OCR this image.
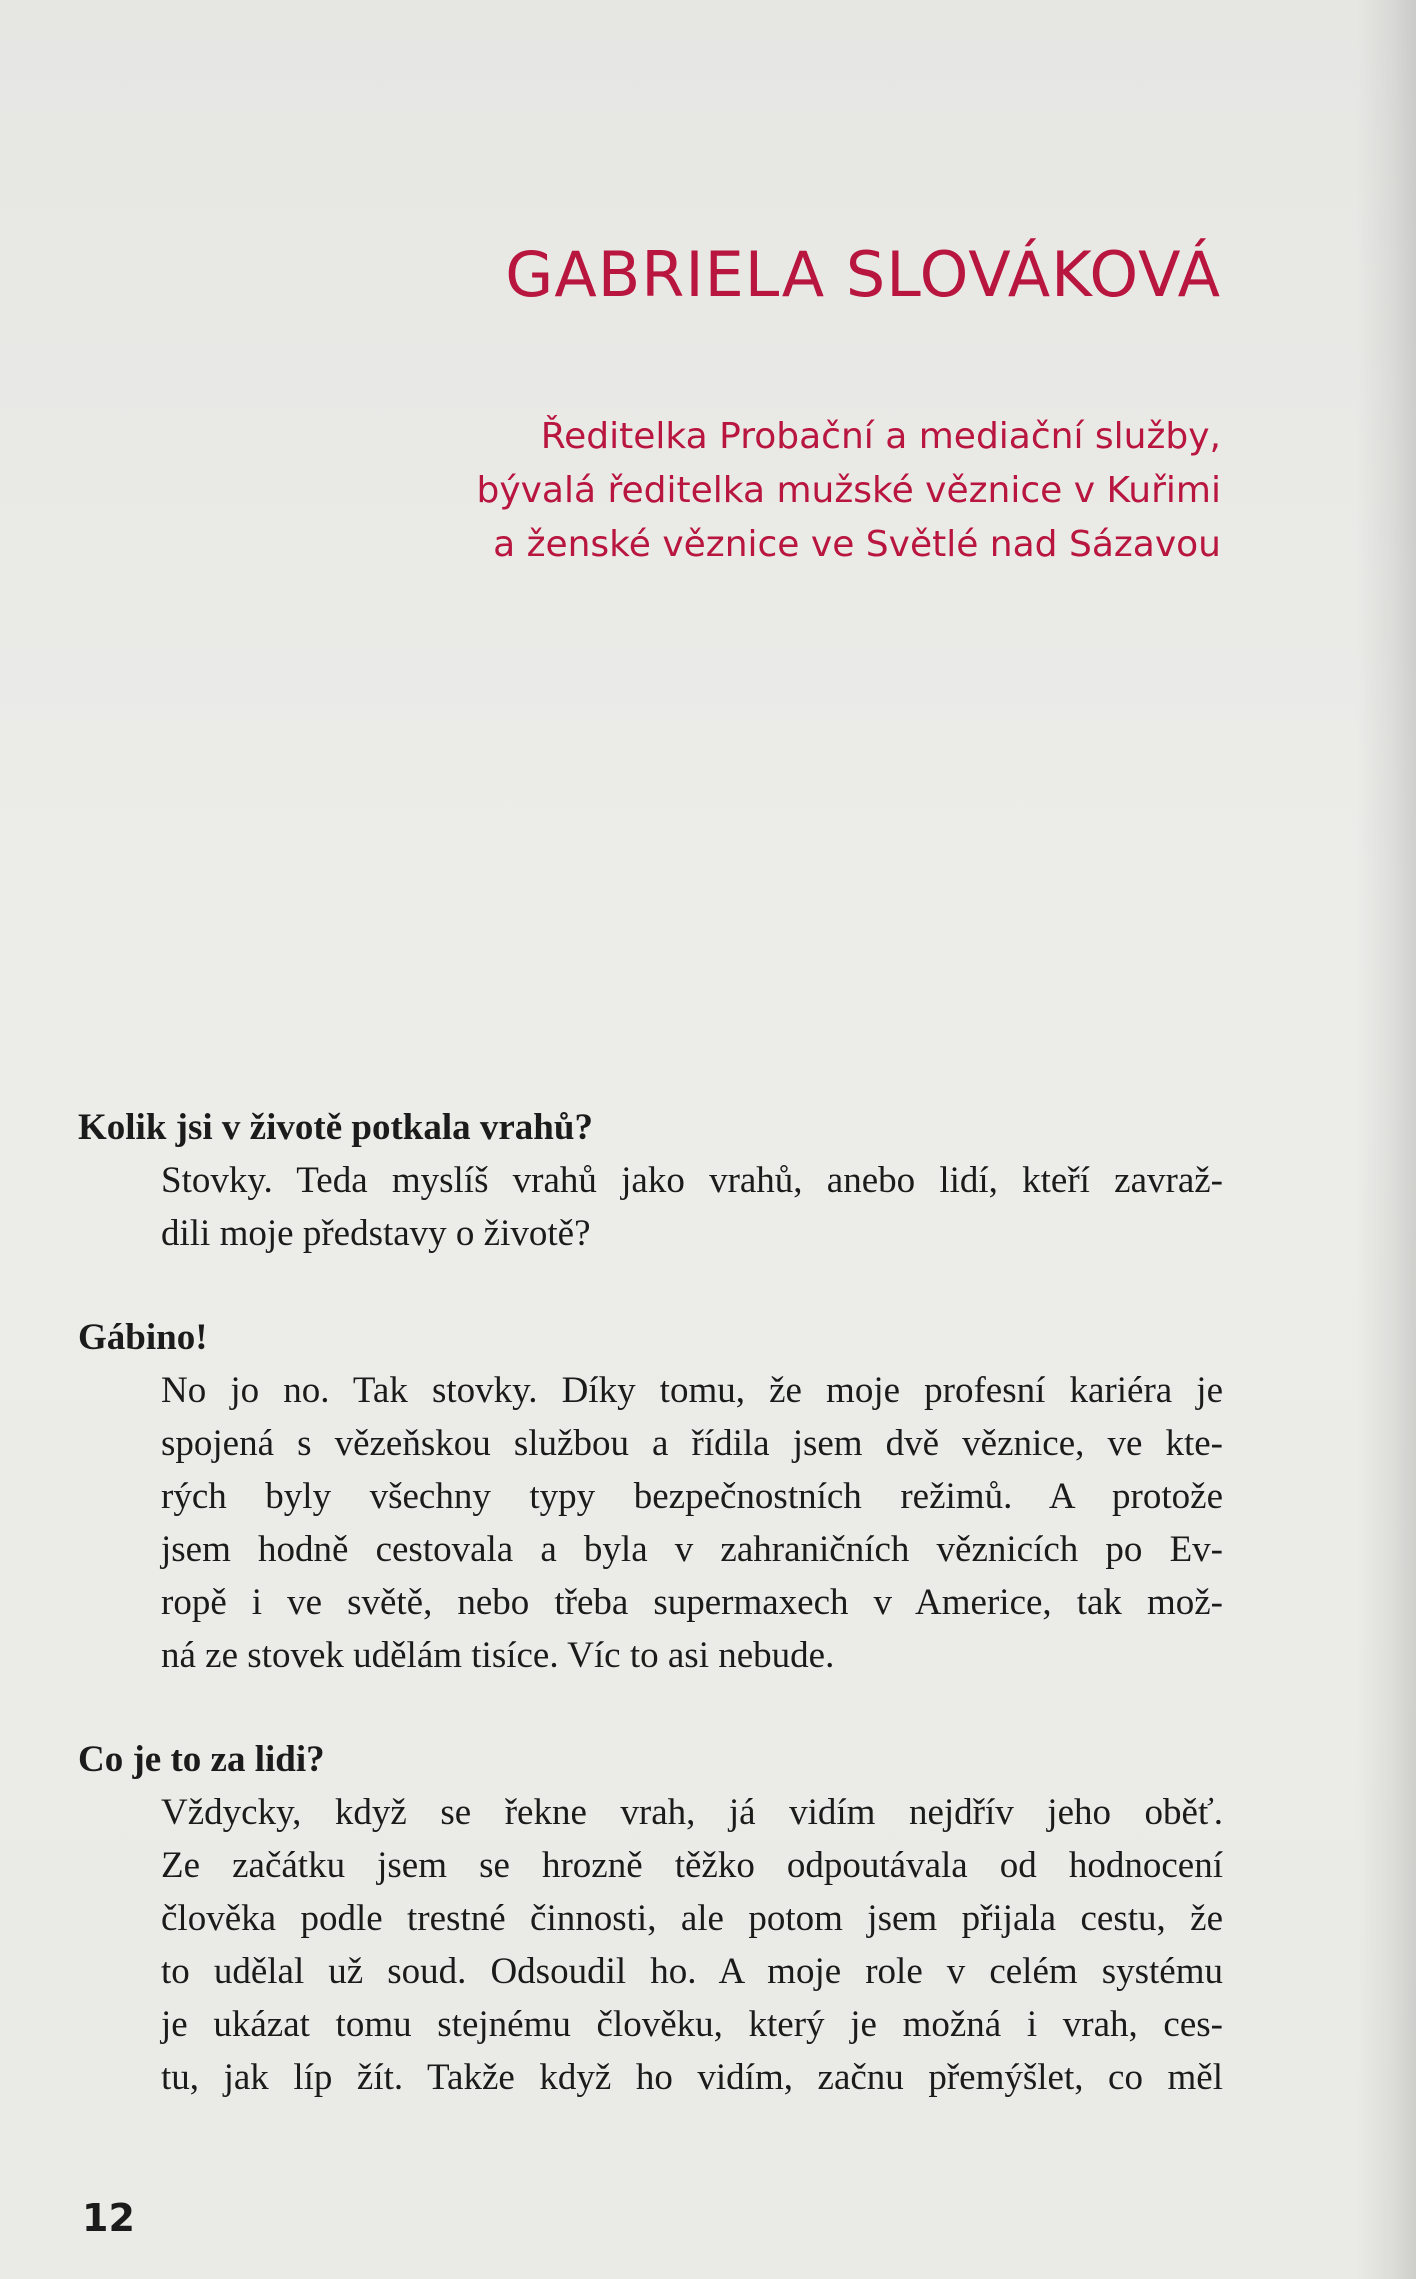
GABRIELA SLOVÁKOVÁ

Ředitelka Probační a mediační služby,
bývalá ředitelka mužské věznice v Kuřimi
a ženské věznice ve Světlé nad Sázavou

Kolik jsi v životě potkala vrahů?

Stovky. Teda myslíš vrahů jako vrahů, anebo lidí, kteří zavraž-
dili moje představy o životě?

Gábino!

No jo no. Tak stovky. Díky tomu, že moje profesní kariéra je
spojená s vězeňskou službou a řídila jsem dvě věznice, ve kte-
rých byly všechny typy bezpečnostních režimů. A protože
jsem hodně cestovala a byla v zahraničních věznicích po Ev-
ropě i ve světě, nebo třeba supermaxech v Americe, tak mož-
ná ze stovek udělám tisíce. Víc to asi nebude.

Co je to za lidi?

Vždycky, když se řekne vrah, já vidím nejdřív jeho oběť.
Ze začátku jsem se hrozně těžko odpoutávala od hodnocení
člověka podle trestné činnosti, ale potom jsem přijala cestu, že
to udělal už soud. Odsoudil ho. A moje role v celém systému
je ukázat tomu stejnému člověku, který je možná i vrah, ces-
tu, jak líp žít. Takže když ho vidím, začnu přemýšlet, co měl

12
